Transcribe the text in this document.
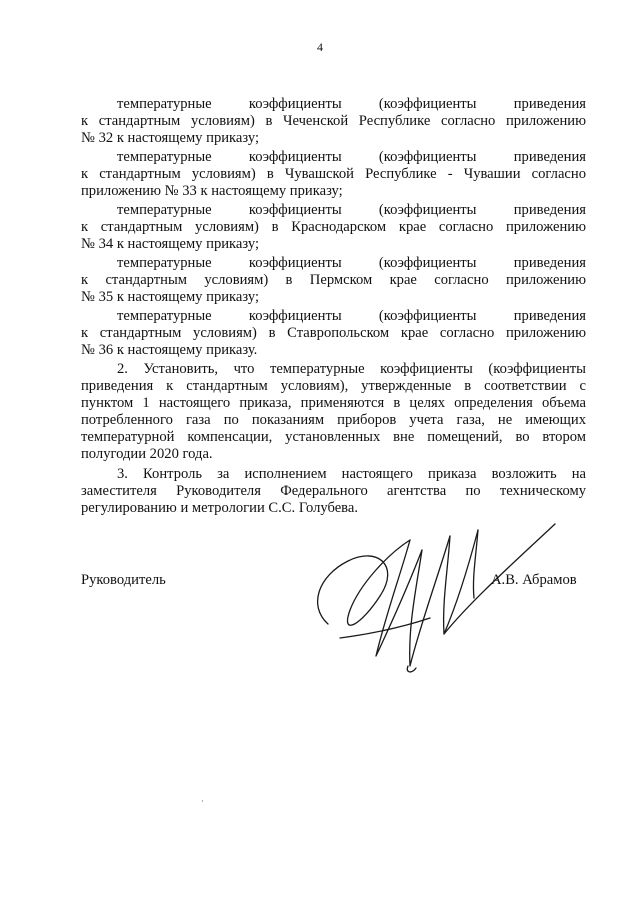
4
температурные коэффициенты (коэффициенты приведения
к стандартным условиям) в Чеченской Республике согласно приложению
№ 32 к настоящему приказу;
температурные коэффициенты (коэффициенты приведения
к стандартным условиям) в Чувашской Республике - Чувашии согласно
приложению № 33 к настоящему приказу;
температурные коэффициенты (коэффициенты приведения
к стандартным условиям) в Краснодарском крае согласно приложению
№ 34 к настоящему приказу;
температурные коэффициенты (коэффициенты приведения
к стандартным условиям) в Пермском крае согласно приложению
№ 35 к настоящему приказу;
температурные коэффициенты (коэффициенты приведения
к стандартным условиям) в Ставропольском крае согласно приложению
№ 36 к настоящему приказу.
2. Установить, что температурные коэффициенты (коэффициенты
приведения к стандартным условиям), утвержденные в соответствии с
пунктом 1 настоящего приказа, применяются в целях определения объема
потребленного газа по показаниям приборов учета газа, не имеющих
температурной компенсации, установленных вне помещений, во втором
полугодии 2020 года.
3. Контроль за исполнением настоящего приказа возложить на
заместителя Руководителя Федерального агентства по техническому
регулированию и метрологии С.С. Голубева.
Руководитель	А.В. Абрамов
